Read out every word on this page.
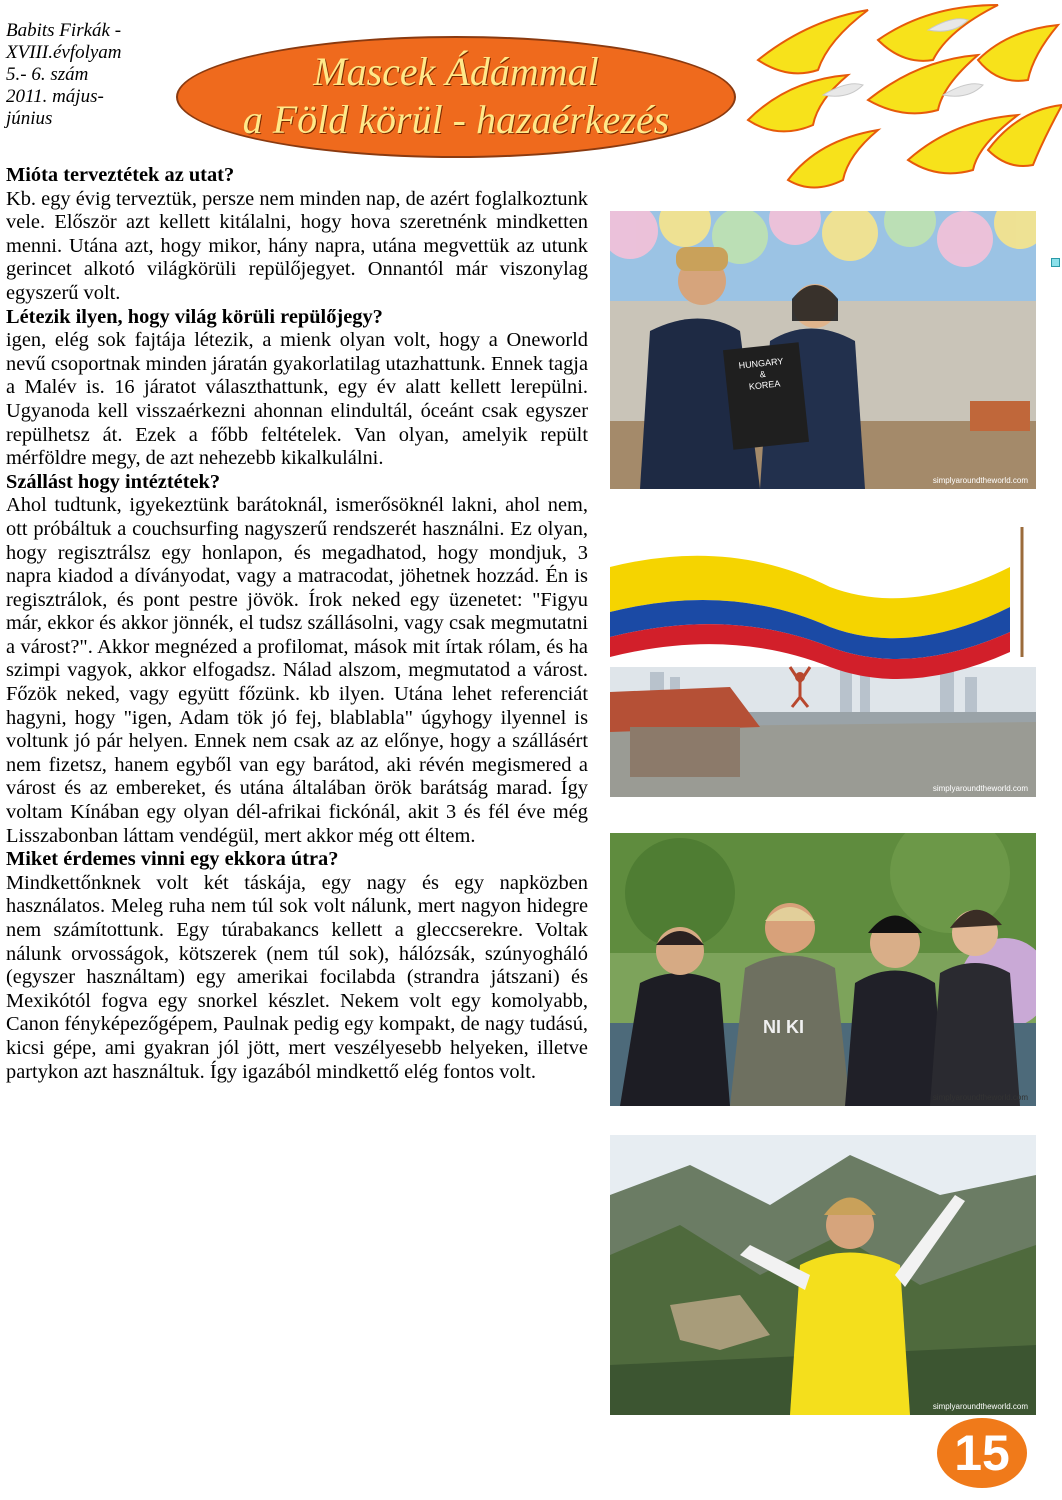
Babits Firkák -
XVIII.évfolyam
5.- 6. szám
2011. május-
június
Mascek Ádámmal
a Föld körül - hazaérkezés
Mióta terveztétek az utat?

Kb. egy évig terveztük, persze nem minden nap, de azért foglalkoztunk vele. Először azt kellett kitálalni, hogy hova szeretnénk mindketten menni. Utána azt, hogy mikor, hány napra, utána megvettük az utunk gerincet alkotó világkörüli repülőjegyet. Onnantól már viszonylag egyszerű volt.

Létezik ilyen, hogy világ körüli repülőjegy?

igen, elég sok fajtája létezik, a mienk olyan volt, hogy a Oneworld nevű csoportnak minden járatán gyakorlatilag utazhattunk. Ennek tagja a Malév is. 16 járatot választhattunk, egy év alatt kellett lerepülni. Ugyanoda kell visszaérkezni ahonnan elindultál, óceánt csak egyszer repülhetsz át. Ezek a főbb feltételek. Van olyan, amelyik repült mérföldre megy, de azt nehezebb kikalkulálni.

Szállást hogy intéztétek?

Ahol tudtunk, igyekeztünk barátoknál, ismerősöknél lakni, ahol nem, ott próbáltuk a couchsurfing nagyszerű rendszerét használni. Ez olyan, hogy regisztrálsz egy honlapon, és megadhatod, hogy mondjuk, 3 napra kiadod a díványodat, vagy a matracodat, jöhetnek hozzád. Én is regisztrálok, és pont pestre jövök. Írok neked egy üzenetet: "Figyu már, ekkor és akkor jönnék, el tudsz szállásolni, vagy csak megmutatni a várost?". Akkor megnézed a profilomat, mások mit írtak rólam, és ha szimpi vagyok, akkor elfogadsz. Nálad alszom, megmutatod a várost. Főzök neked, vagy együtt főzünk. kb ilyen. Utána lehet referenciát hagyni, hogy "igen, Adam tök jó fej, blablabla" úgyhogy ilyennel is voltunk jó pár helyen. Ennek nem csak az az előnye, hogy a szállásért nem fizetsz, hanem egyből van egy barátod, aki révén megismered a várost és az embereket, és utána általában örök barátság marad. Így voltam Kínában egy olyan dél-afrikai fickónál, akit 3 és fél éve még Lisszabonban láttam vendégül, mert akkor még ott éltem.

Miket érdemes vinni egy ekkora útra?

Mindkettőnknek volt két táskája, egy nagy és egy napközben használatos. Meleg ruha nem túl sok volt nálunk, mert nagyon hidegre nem számítottunk. Egy túrabakancs kellett a gleccserekre. Voltak nálunk orvosságok, kötszerek (nem túl sok), hálózsák, szúnyogháló (egyszer használtam) egy amerikai focilabda (strandra játszani) és Mexikótól fogva egy snorkel készlet. Nekem volt egy komolyabb, Canon fényképezőgépem, Paulnak pedig egy kompakt, de nagy tudású, kicsi gépe, ami gyakran jól jött, mert veszélyesebb helyeken, illetve partykon azt használtuk. Így igazából mindkettő elég fontos volt.

HUNGARY
&
KOREA
simplyaroundtheworld.com
simplyaroundtheworld.com
NI KI
simplyaroundtheworld.com
simplyaroundtheworld.com
15
